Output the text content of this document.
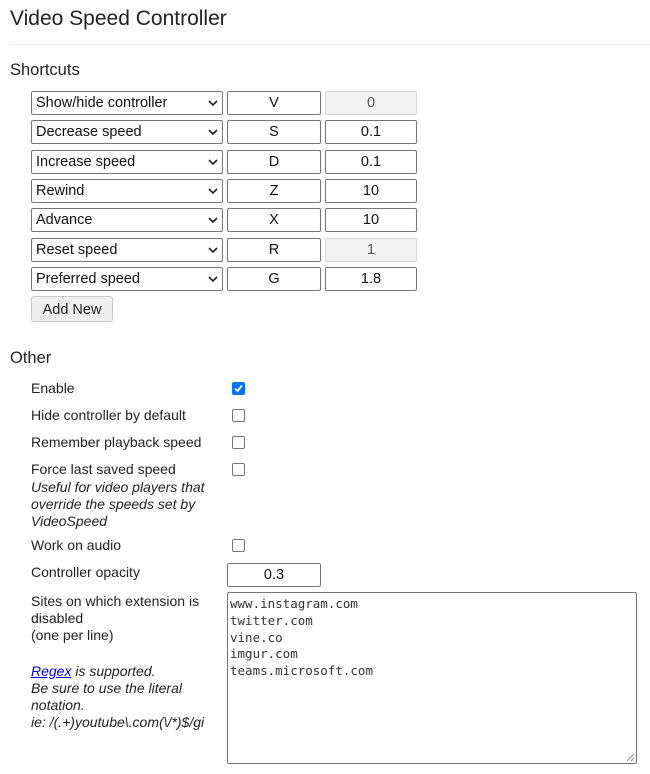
Video Speed Controller
Shortcuts
Show/hide controller	V	0
Decrease speed	S	0.1
Increase speed	D	0.1
Rewind	Z	10
Advance	X	10
Reset speed	R	1
Preferred speed	G	1.8
Add New
Other
Enable
Hide controller by default
Remember playback speed
Force last saved speed
Useful for video players that override the speeds set by VideoSpeed
Work on audio
Controller opacity	0.3
Sites on which extension is disabled
(one per line)
Regex is supported.
Be sure to use the literal notation.
ie: /(.+)youtube\.com(\/*)$/gi
www.instagram.com
twitter.com
vine.co
imgur.com
teams.microsoft.com
